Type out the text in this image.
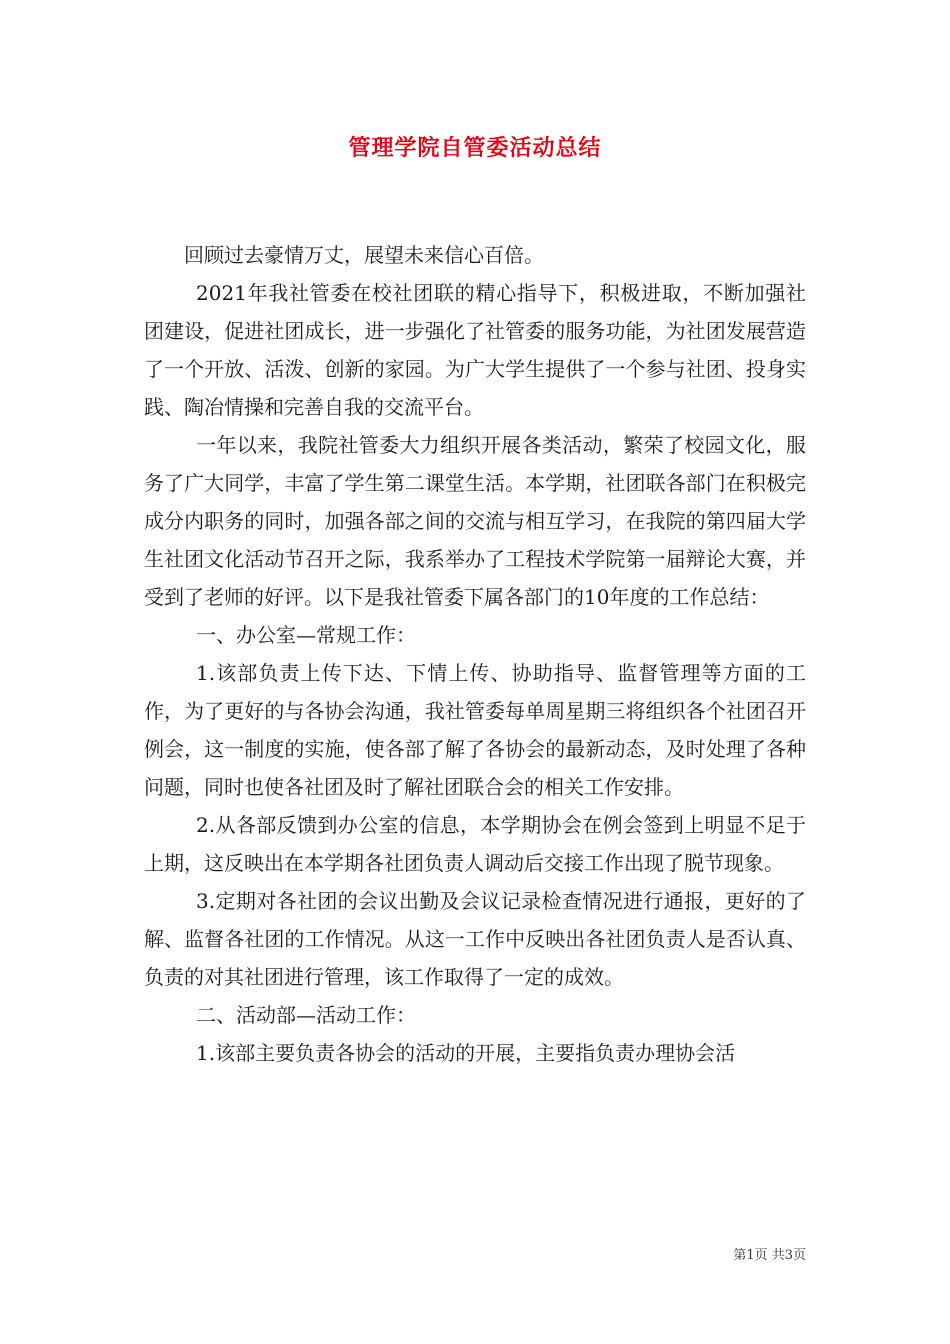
管理学院自管委活动总结

回顾过去豪情万丈，展望未来信心百倍。

2021年我社管委在校社团联的精心指导下，积极进取，不断加强社团建设，促进社团成长，进一步强化了社管委的服务功能，为社团发展营造了一个开放、活泼、创新的家园。为广大学生提供了一个参与社团、投身实践、陶冶情操和完善自我的交流平台。

一年以来，我院社管委大力组织开展各类活动，繁荣了校园文化，服务了广大同学，丰富了学生第二课堂生活。本学期，社团联各部门在积极完成分内职务的同时，加强各部之间的交流与相互学习，在我院的第四届大学生社团文化活动节召开之际，我系举办了工程技术学院第一届辩论大赛，并受到了老师的好评。以下是我社管委下属各部门的10年度的工作总结：

一、办公室—常规工作：

1.该部负责上传下达、下情上传、协助指导、监督管理等方面的工作，为了更好的与各协会沟通，我社管委每单周星期三将组织各个社团召开例会，这一制度的实施，使各部了解了各协会的最新动态，及时处理了各种问题，同时也使各社团及时了解社团联合会的相关工作安排。

2.从各部反馈到办公室的信息，本学期协会在例会签到上明显不足于上期，这反映出在本学期各社团负责人调动后交接工作出现了脱节现象。

3.定期对各社团的会议出勤及会议记录检查情况进行通报，更好的了解、监督各社团的工作情况。从这一工作中反映出各社团负责人是否认真、负责的对其社团进行管理，该工作取得了一定的成效。

二、活动部—活动工作：

1.该部主要负责各协会的活动的开展，主要指负责办理协会活

第1页 共3页
